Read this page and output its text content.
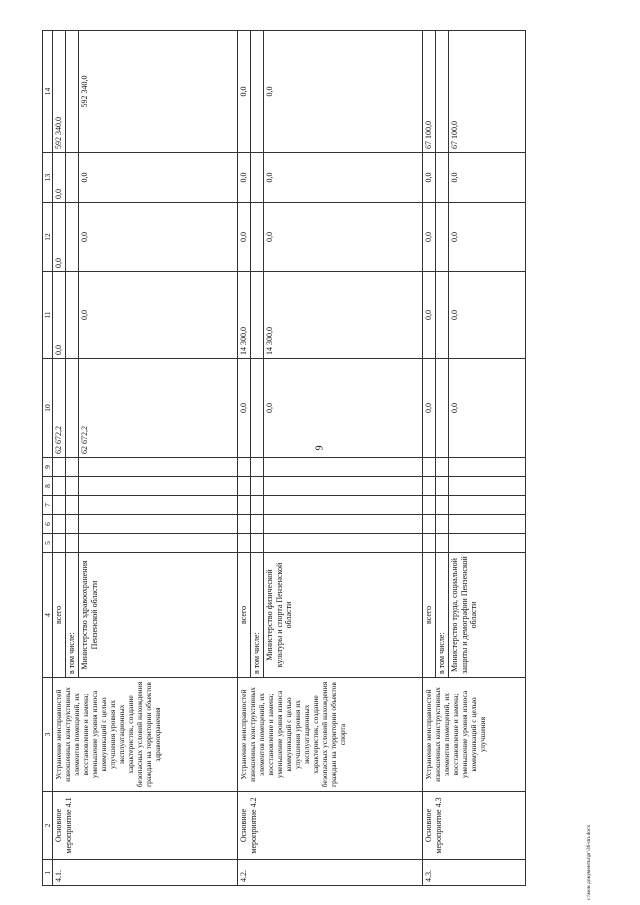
9
1	2	3	4	5	6	7	8	9	10	11	12	13	14
4.1.	Основное мероприятие 4.1	Устранение неисправностей изношенных конструктивных элементов помещений, их восстановление и замена; уменьшение уровня износа коммуникаций с целью улучшения уровня их эксплуатационных характеристик, создание безопасных условий нахождения граждан на территории объектов здравоохранения	всего						62 672,2	0,0	0,0	0,0	592 340,0
			в том числе:										
			Министерство здравоохранения Пензенской области						62 672,2	0,0	0,0	0,0	592 340,0
4.2.	Основное мероприятие 4.2	Устранение неисправностей изношенных конструктивных элементов помещений, их восстановление и замена; уменьшение уровня износа коммуникаций с целью улучшения уровня их эксплуатационных характеристик, создание безопасных условий нахождения граждан на территории объектов спорта	всего						0,0	14 300,0	0,0	0,0	0,0
			в том числе:										
			Министерство физической культуры и спорта Пензенской области						0,0	14 300,0	0,0	0,0	0,0
4.3.	Основное мероприятие 4.3	Устранение неисправностей изношенных конструктивных элементов помещений, их восстановление и замена; уменьшение уровня износа коммуникаций с целью улучшения	всего						0,0	0,0	0,0	0,0	67 100,0
			в том числе:										
			Министерство труда, социальной защиты и демографии Пензенской области						0,0	0,0	0,0	0,0	67 100,0
c:\мои документы\рг\36-пп.docx
